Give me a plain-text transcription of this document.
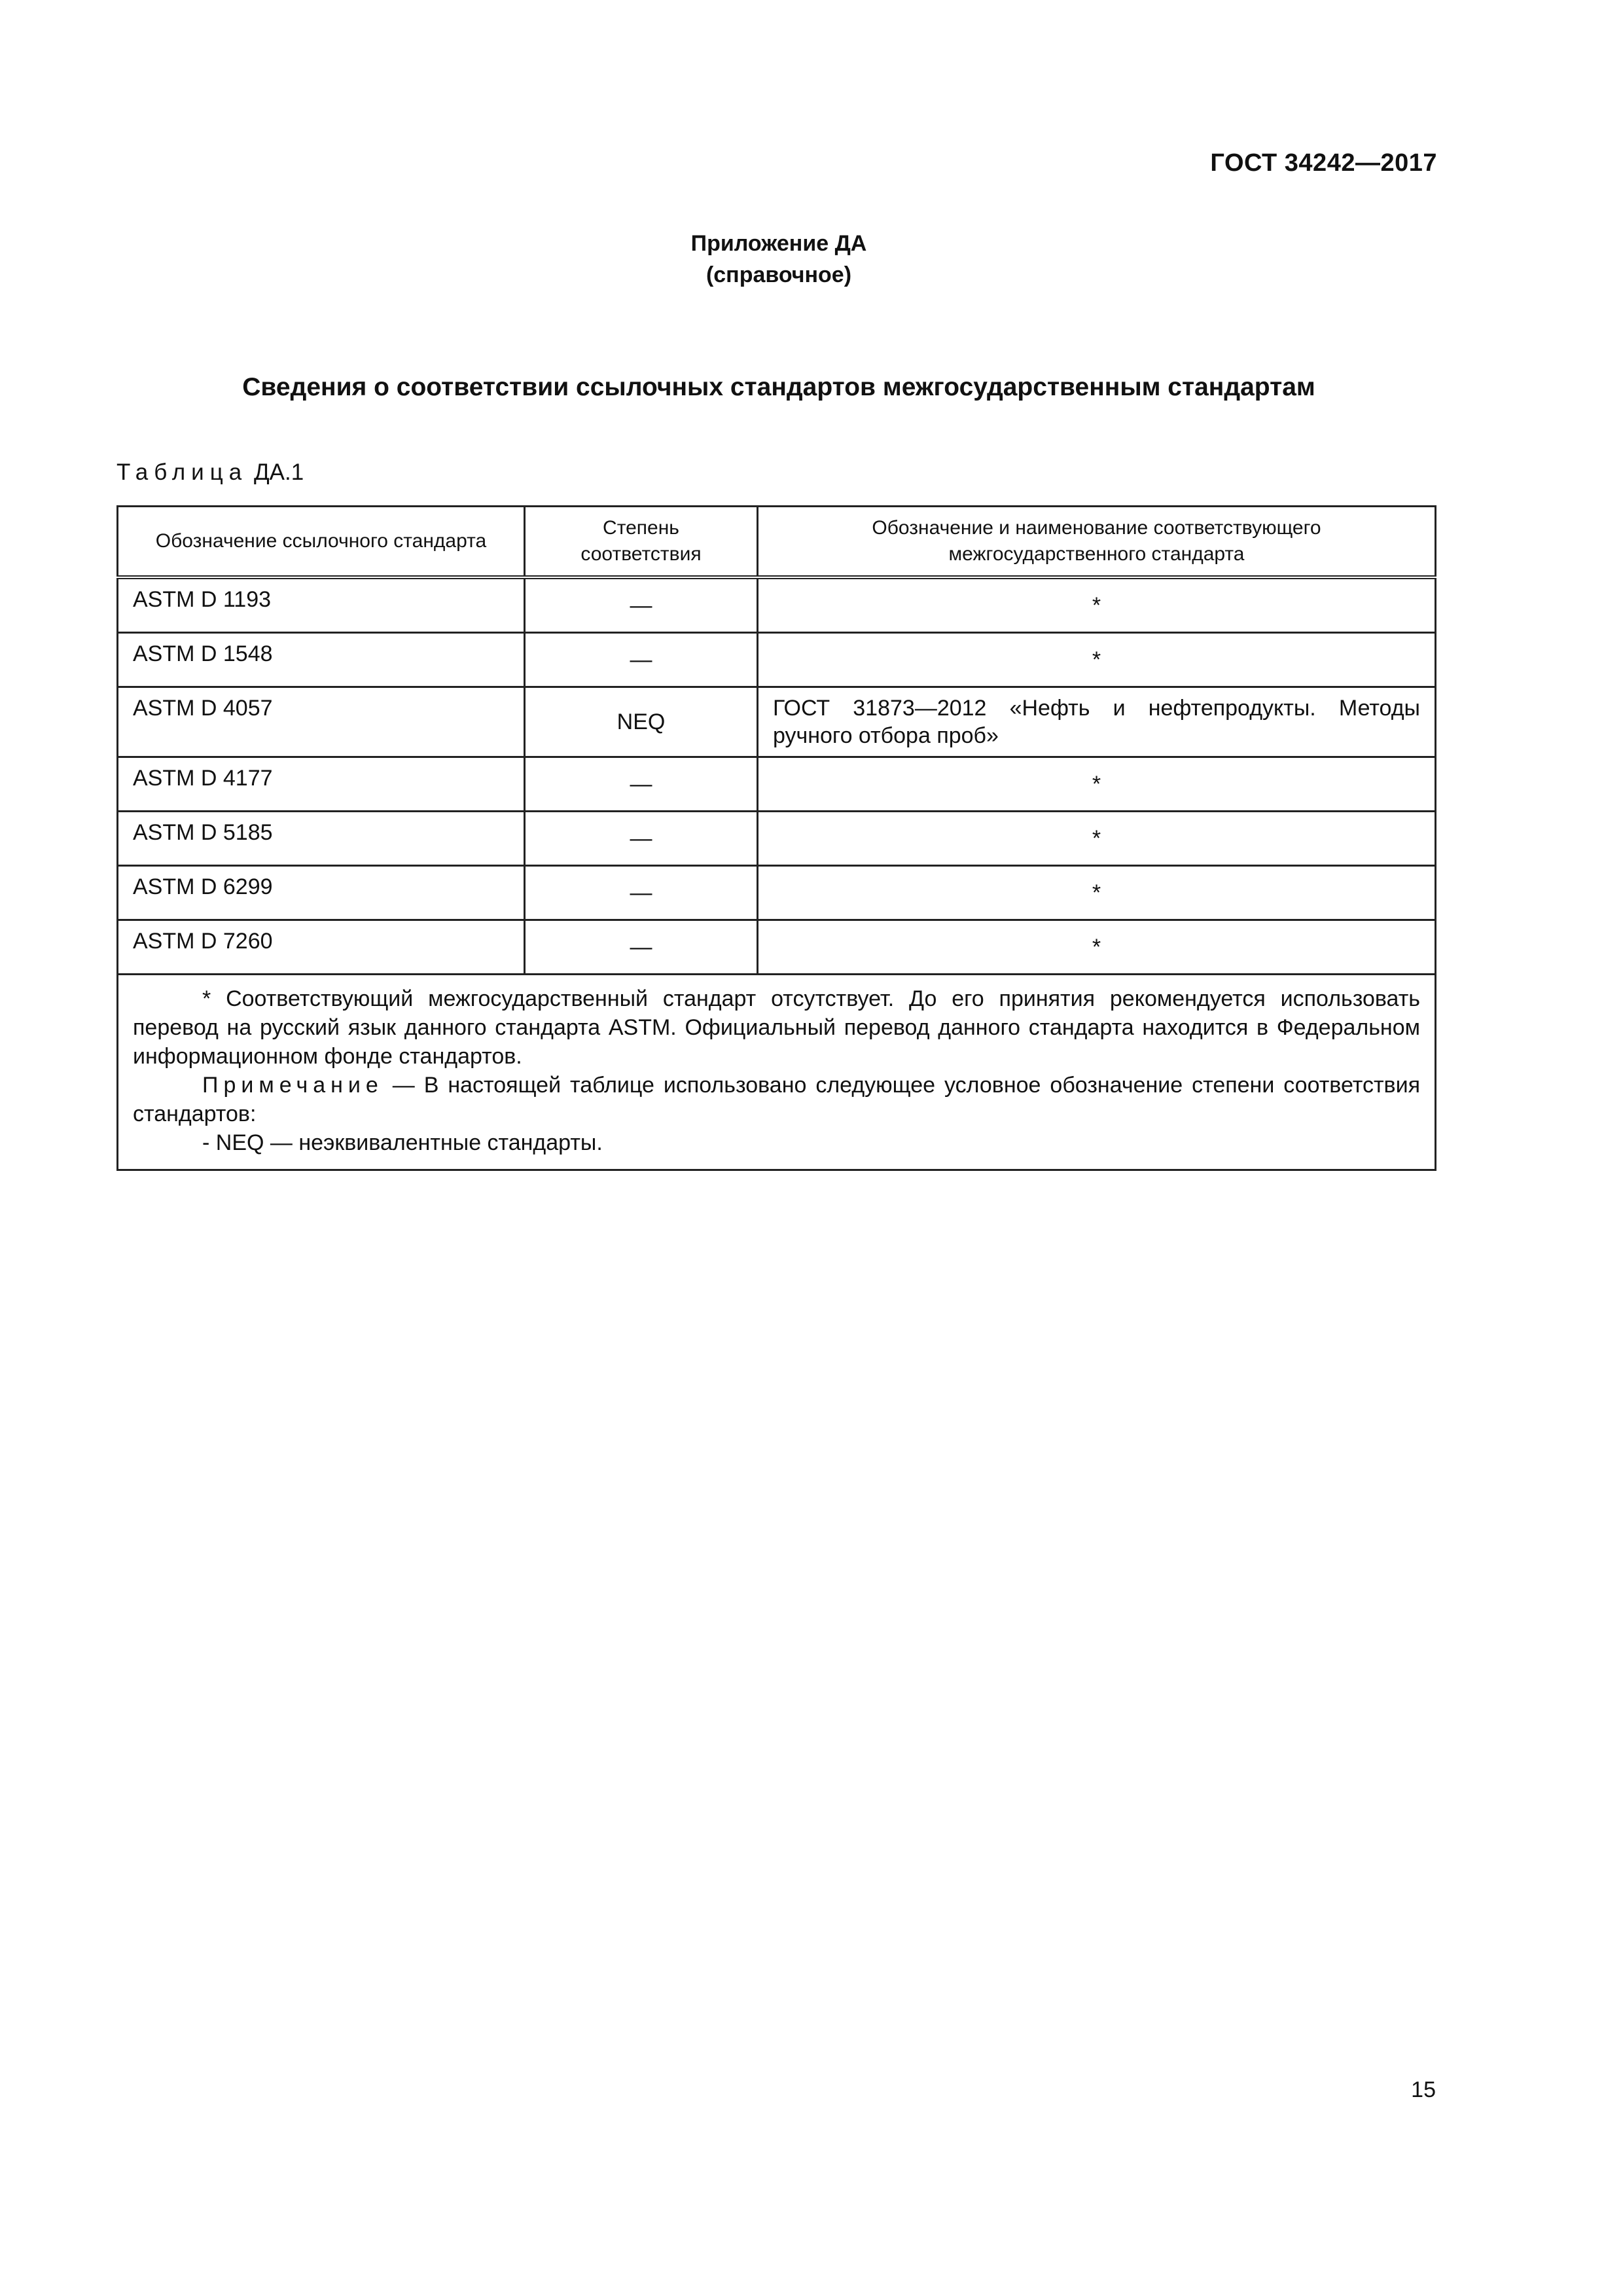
ГОСТ 34242—2017
Приложение ДА
(справочное)
Сведения о соответствии ссылочных стандартов межгосударственным стандартам
Таблица ДА.1
Обозначение ссылочного стандарта	Степень соответствия	Обозначение и наименование соответствующего межгосударственного стандарта
ASTM D 1193	—	*
ASTM D 1548	—	*
ASTM D 4057	NEQ	ГОСТ 31873—2012 «Нефть и нефтепродукты. Методы ручного отбора проб»
ASTM D 4177	—	*
ASTM D 5185	—	*
ASTM D 6299	—	*
ASTM D 7260	—	*

* Соответствующий межгосударственный стандарт отсутствует. До его принятия рекомендуется использовать перевод на русский язык данного стандарта ASTM. Официальный перевод данного стандарта находится в Федеральном информационном фонде стандартов.

Примечание — В настоящей таблице использовано следующее условное обозначение степени соответствия стандартов:

- NEQ — неэквивалентные стандарты.		

15
